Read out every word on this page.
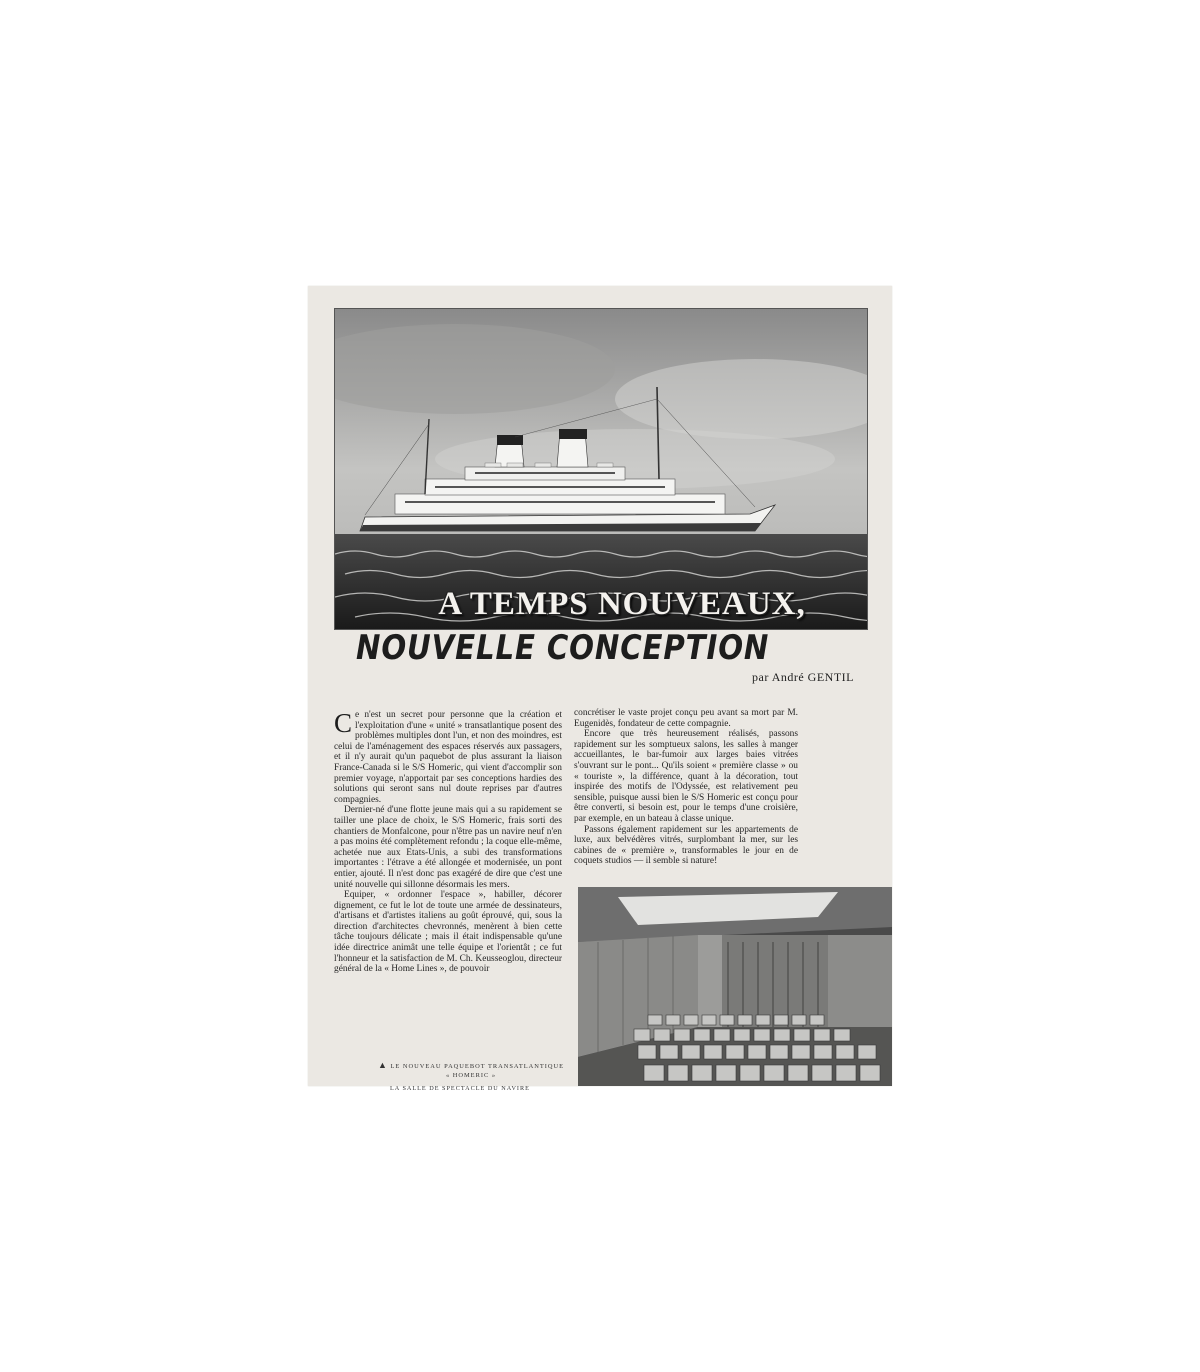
A TEMPS NOUVEAUX,
NOUVELLE CONCEPTION
par André GENTIL

Ce n'est un secret pour personne que la création et l'exploitation d'une « unité » transatlantique posent des problèmes multiples dont l'un, et non des moindres, est celui de l'aménagement des espaces réservés aux passagers, et il n'y aurait qu'un paquebot de plus assurant la liaison France-Canada si le S/S Homeric, qui vient d'accomplir son premier voyage, n'apportait par ses conceptions hardies des solutions qui seront sans nul doute reprises par d'autres compagnies.

Dernier-né d'une flotte jeune mais qui a su rapidement se tailler une place de choix, le S/S Homeric, frais sorti des chantiers de Monfalcone, pour n'être pas un navire neuf n'en a pas moins été complètement refondu ; la coque elle-même, achetée nue aux Etats-Unis, a subi des transformations importantes : l'étrave a été allongée et modernisée, un pont entier, ajouté. Il n'est donc pas exagéré de dire que c'est une unité nouvelle qui sillonne désormais les mers.

Equiper, « ordonner l'espace », habiller, décorer dignement, ce fut le lot de toute une armée de dessinateurs, d'artisans et d'artistes italiens au goût éprouvé, qui, sous la direction d'architectes chevronnés, menèrent à bien cette tâche toujours délicate ; mais il était indispensable qu'une idée directrice animât une telle équipe et l'orientât ; ce fut l'honneur et la satisfaction de M. Ch. Keusseoglou, directeur général de la « Home Lines », de pouvoir

concrétiser le vaste projet conçu peu avant sa mort par M. Eugenidès, fondateur de cette compagnie.

Encore que très heureusement réalisés, passons rapidement sur les somptueux salons, les salles à manger accueillantes, le bar-fumoir aux larges baies vitrées s'ouvrant sur le pont... Qu'ils soient « première classe » ou « touriste », la différence, quant à la décoration, tout inspirée des motifs de l'Odyssée, est relativement peu sensible, puisque aussi bien le S/S Homeric est conçu pour être converti, si besoin est, pour le temps d'une croisière, par exemple, en un bateau à classe unique.

Passons également rapidement sur les appartements de luxe, aux belvédères vitrés, surplombant la mer, sur les cabines de « première », transformables le jour en de coquets studios — il semble si nature!

▲ LE NOUVEAU PAQUEBOT TRANSATLANTIQUE « HOMERIC »
LA SALLE DE SPECTACLE DU NAVIRE
